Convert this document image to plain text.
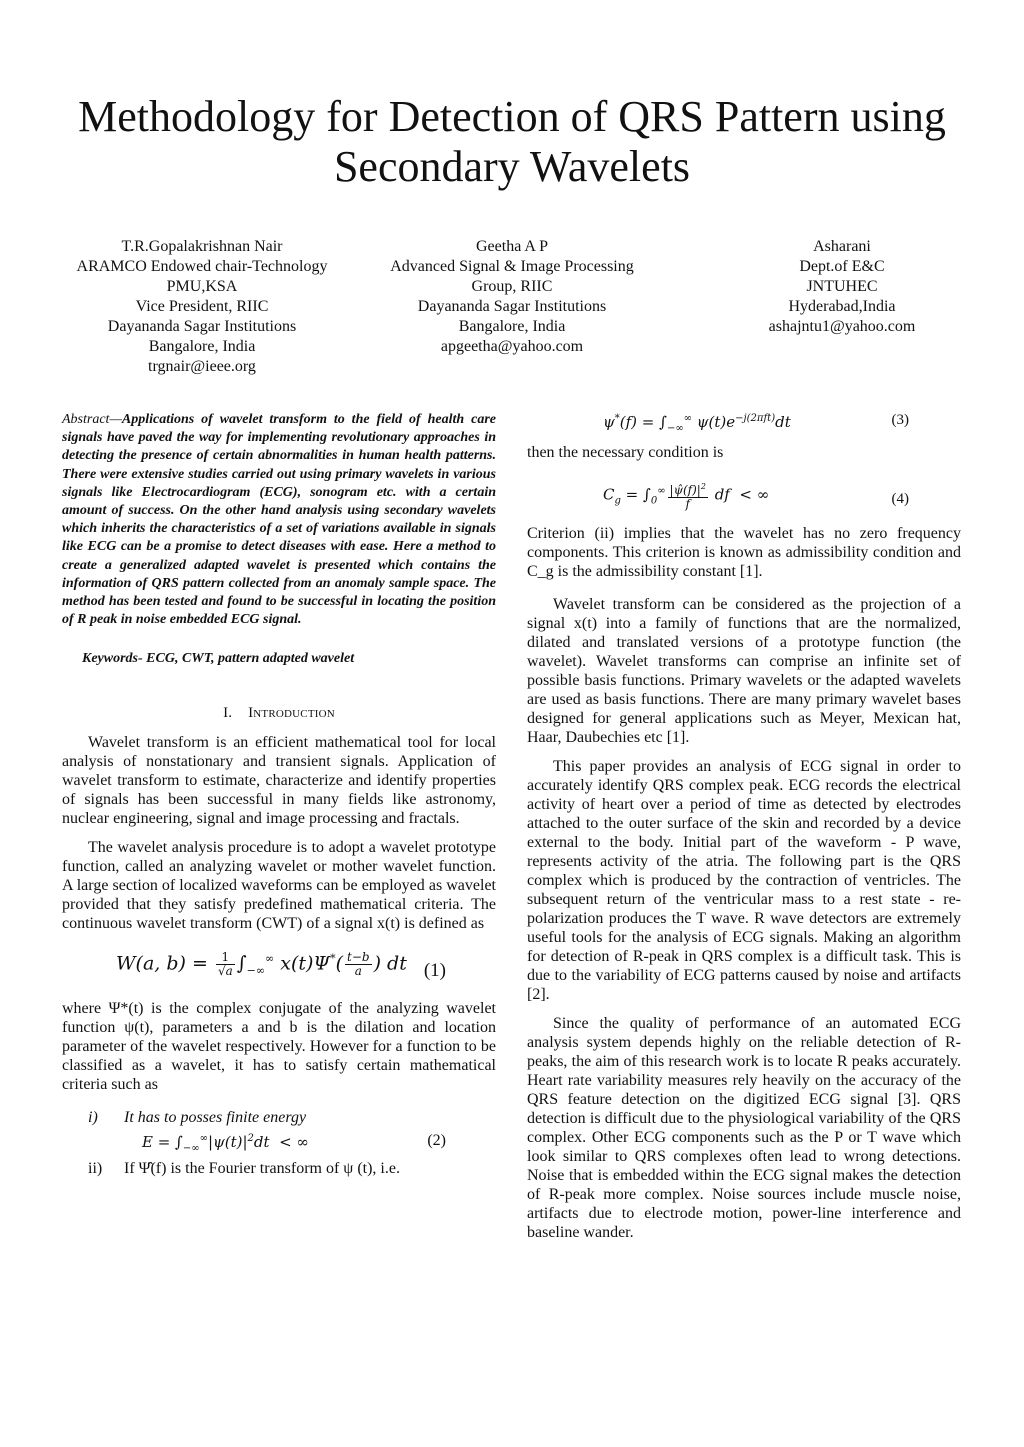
Methodology for Detection of QRS Pattern using Secondary Wavelets
T.R.Gopalakrishnan Nair
ARAMCO Endowed chair-Technology
PMU,KSA
Vice President, RIIC
Dayananda Sagar Institutions
Bangalore, India
trgnair@ieee.org
Geetha A P
Advanced Signal & Image Processing
Group, RIIC
Dayananda Sagar Institutions
Bangalore, India
apgeetha@yahoo.com
Asharani
Dept.of E&C
JNTUHEC
Hyderabad,India
ashajntu1@yahoo.com

Abstract—Applications of wavelet transform to the field of health care signals have paved the way for implementing revolutionary approaches in detecting the presence of certain abnormalities in human health patterns. There were extensive studies carried out using primary wavelets in various signals like Electrocardiogram (ECG), sonogram etc. with a certain amount of success. On the other hand analysis using secondary wavelets which inherits the characteristics of a set of variations available in signals like ECG can be a promise to detect diseases with ease. Here a method to create a generalized adapted wavelet is presented which contains the information of QRS pattern collected from an anomaly sample space. The method has been tested and found to be successful in locating the position of R peak in noise embedded ECG signal.

Keywords- ECG, CWT, pattern adapted wavelet

I. Introduction

Wavelet transform is an efficient mathematical tool for local analysis of nonstationary and transient signals. Application of wavelet transform to estimate, characterize and identify properties of signals has been successful in many fields like astronomy, nuclear engineering, signal and image processing and fractals.

The wavelet analysis procedure is to adopt a wavelet prototype function, called an analyzing wavelet or mother wavelet function. A large section of localized waveforms can be employed as wavelet provided that they satisfy predefined mathematical criteria. The continuous wavelet transform (CWT) of a signal x(t) is defined as

W(a, $b) = \frac{1}{√a} \int_{-\infty}^\infty$ $x(t)\Psi^*( \frac{t-b}{a}$ ) dt (1)

where Ψ*(t) is the complex conjugate of the analyzing wavelet function ψ(t), parameters a and b is the dilation and location parameter of the wavelet respectively. However for a function to be classified as a wavelet, it has to satisfy certain mathematical criteria such as

i) It has to posses finite energy
$E = \int_{-\infty}^\infty|\psi(t)|^2dt$  < ∞	(2)
ii) If Ψ̂(f) is the Fourier transform of ψ (t), i.e.
$\psi^*(f) = \int_{-\infty}^\infty$ $\psi(t)e^{-j(2\pi ft)}dt$	(3)

then the necessary condition is

$C_g = \int_0^\infty \frac{|\psî(f)|^2}{f}$ df  < ∞	(4)

Criterion (ii) implies that the wavelet has no zero frequency components. This criterion is known as admissibility condition and C_g is the admissibility constant [1].

Wavelet transform can be considered as the projection of a signal x(t) into a family of functions that are the normalized, dilated and translated versions of a prototype function (the wavelet). Wavelet transforms can comprise an infinite set of possible basis functions. Primary wavelets or the adapted wavelets are used as basis functions. There are many primary wavelet bases designed for general applications such as Meyer, Mexican hat, Haar, Daubechies etc [1].

This paper provides an analysis of ECG signal in order to accurately identify QRS complex peak. ECG records the electrical activity of heart over a period of time as detected by electrodes attached to the outer surface of the skin and recorded by a device external to the body. Initial part of the waveform - P wave, represents activity of the atria. The following part is the QRS complex which is produced by the contraction of ventricles. The subsequent return of the ventricular mass to a rest state - re-polarization produces the T wave. R wave detectors are extremely useful tools for the analysis of ECG signals. Making an algorithm for detection of R-peak in QRS complex is a difficult task. This is due to the variability of ECG patterns caused by noise and artifacts [2].

Since the quality of performance of an automated ECG analysis system depends highly on the reliable detection of R-peaks, the aim of this research work is to locate R peaks accurately. Heart rate variability measures rely heavily on the accuracy of the QRS feature detection on the digitized ECG signal [3]. QRS detection is difficult due to the physiological variability of the QRS complex. Other ECG components such as the P or T wave which look similar to QRS complexes often lead to wrong detections. Noise that is embedded within the ECG signal makes the detection of R-peak more complex. Noise sources include muscle noise, artifacts due to electrode motion, power-line interference and baseline wander.
